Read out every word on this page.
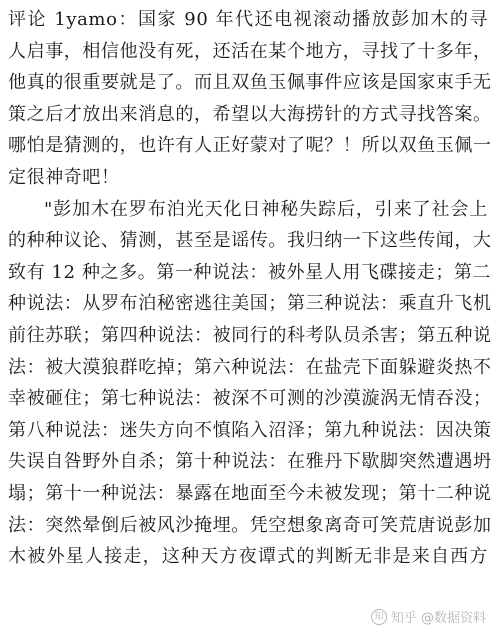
评论 1yamo：国家 90 年代还电视滚动播放彭加木的寻
人启事，相信他没有死，还活在某个地方，寻找了十多年，
他真的很重要就是了。而且双鱼玉佩事件应该是国家束手无
策之后才放出来消息的，希望以大海捞针的方式寻找答案。
哪怕是猜测的，也许有人正好蒙对了呢？！所以双鱼玉佩一
定很神奇吧！
"彭加木在罗布泊光天化日神秘失踪后，引来了社会上
的种种议论、猜测，甚至是谣传。我归纳一下这些传闻，大
致有 12 种之多。第一种说法：被外星人用飞碟接走；第二
种说法：从罗布泊秘密逃往美国；第三种说法：乘直升飞机
前往苏联；第四种说法：被同行的科考队员杀害；第五种说
法：被大漠狼群吃掉；第六种说法：在盐壳下面躲避炎热不
幸被砸住；第七种说法：被深不可测的沙漠漩涡无情吞没；
第八种说法：迷失方向不慎陷入沼泽；第九种说法：因决策
失误自咎野外自杀；第十种说法：在雅丹下歇脚突然遭遇坍
塌；第十一种说法：暴露在地面至今未被发现；第十二种说
法：突然晕倒后被风沙掩埋。凭空想象离奇可笑荒唐说彭加
木被外星人接走，这种天方夜谭式的判断无非是来自西方
知 知乎 @数据资料
